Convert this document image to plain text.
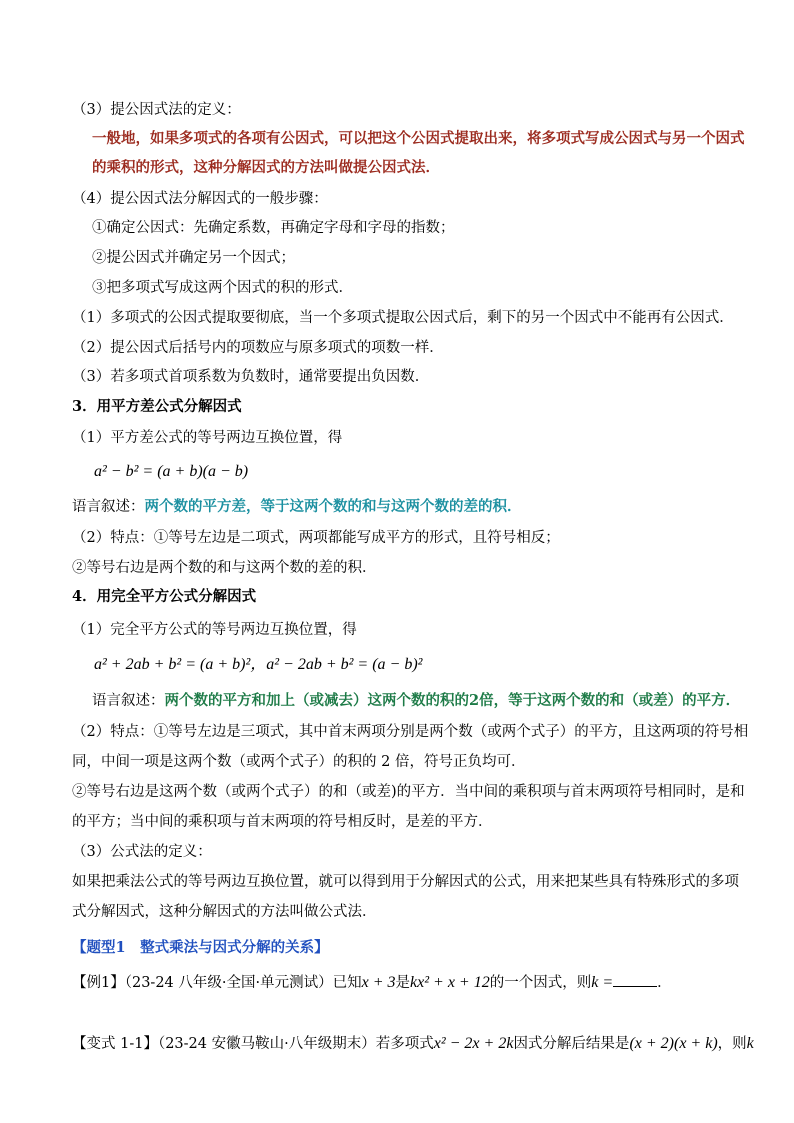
（3）提公因式法的定义：
一般地，如果多项式的各项有公因式，可以把这个公因式提取出来，将多项式写成公因式与另一个因式
的乘积的形式，这种分解因式的方法叫做提公因式法．
（4）提公因式法分解因式的一般步骤：
①确定公因式：先确定系数，再确定字母和字母的指数；
②提公因式并确定另一个因式；
③把多项式写成这两个因式的积的形式．
（1）多项式的公因式提取要彻底，当一个多项式提取公因式后，剩下的另一个因式中不能再有公因式．
（2）提公因式后括号内的项数应与原多项式的项数一样．
（3）若多项式首项系数为负数时，通常要提出负因数．
3．用平方差公式分解因式
（1）平方差公式的等号两边互换位置，得
a² − b² = (a + b)(a − b)
语言叙述：两个数的平方差，等于这两个数的和与这两个数的差的积．
（2）特点：①等号左边是二项式，两项都能写成平方的形式，且符号相反；
②等号右边是两个数的和与这两个数的差的积．
4．用完全平方公式分解因式
（1）完全平方公式的等号两边互换位置，得
a² + 2ab + b² = (a + b)²，a² − 2ab + b² = (a − b)²
语言叙述：两个数的平方和加上（或减去）这两个数的积的2倍，等于这两个数的和（或差）的平方．
（2）特点：①等号左边是三项式，其中首末两项分别是两个数（或两个式子）的平方，且这两项的符号相
同，中间一项是这两个数（或两个式子）的积的 2 倍，符号正负均可．
②等号右边是这两个数（或两个式子）的和（或差)的平方．当中间的乘积项与首末两项符号相同时，是和
的平方；当中间的乘积项与首末两项的符号相反时，是差的平方．
（3）公式法的定义：
如果把乘法公式的等号两边互换位置，就可以得到用于分解因式的公式，用来把某些具有特殊形式的多项
式分解因式，这种分解因式的方法叫做公式法．
【题型1　整式乘法与因式分解的关系】
【例1】（23-24 八年级·全国·单元测试）已知x + 3是kx² + x + 12的一个因式，则k =	．
【变式 1-1】（23-24 安徽马鞍山·八年级期末）若多项式x² − 2x + 2k因式分解后结果是(x + 2)(x + k)，则k
